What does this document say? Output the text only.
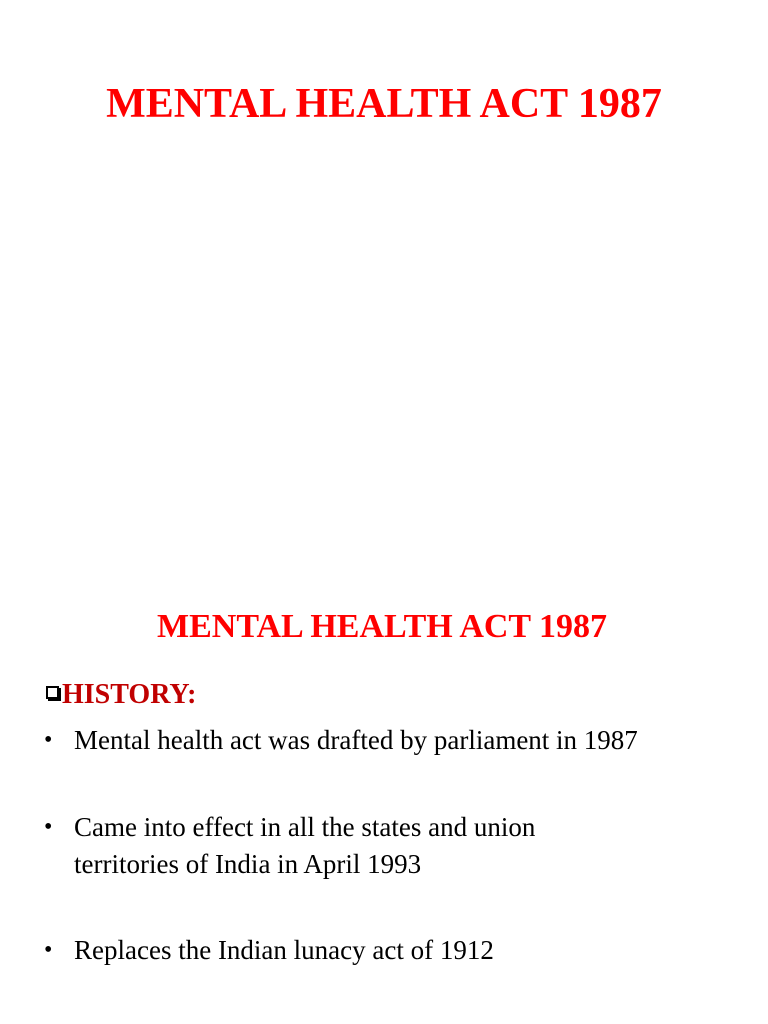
MENTAL HEALTH ACT 1987
MENTAL HEALTH ACT 1987
HISTORY:
• Mental health act was drafted by parliament in 1987
• Came into effect in all the states and union territories of India in April 1993
• Replaces the Indian lunacy act of 1912
